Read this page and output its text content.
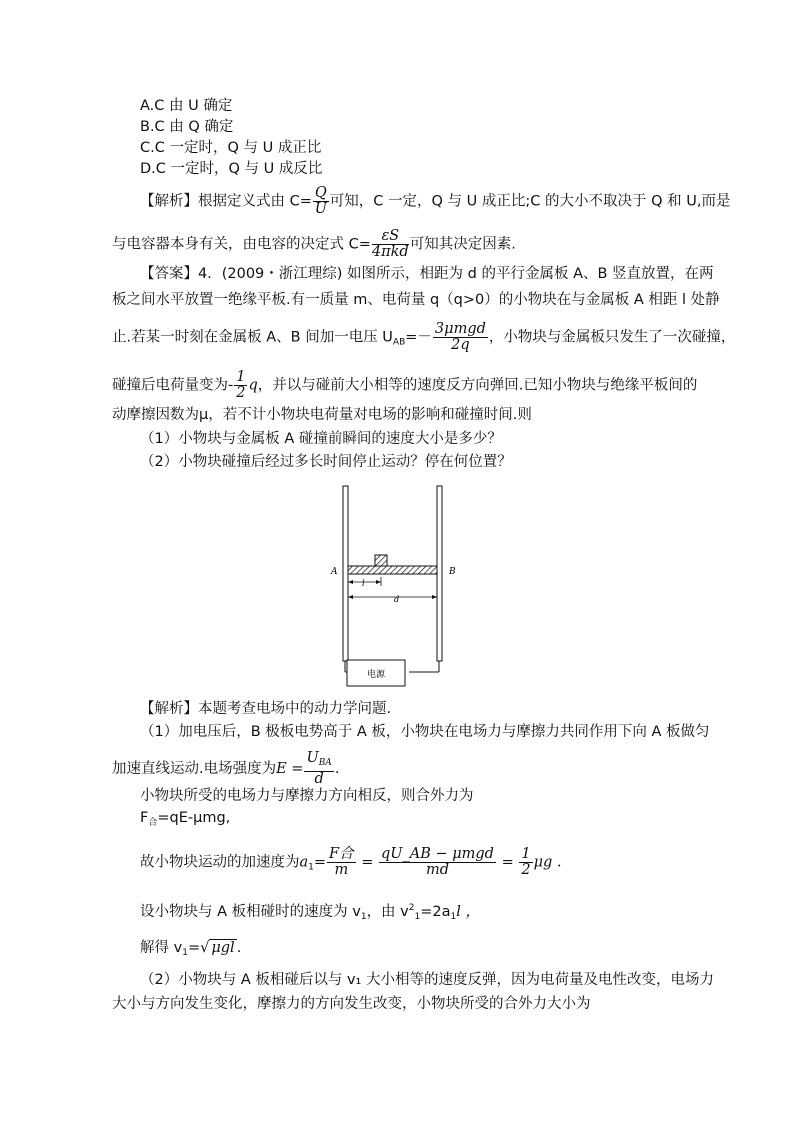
A.C 由 U 确定
B.C 由 Q 确定
C.C 一定时，Q 与 U 成正比
D.C 一定时，Q 与 U 成反比
【解析】根据定义式由 $C= \frac{Q}{U}$ 可知，C 一定，Q 与 U 成正比;C 的大小不取决于 Q 和 U,而是
与电容器本身有关，由电容的决定式 $C= \frac{\varepsilon S}{\text{4πkd}}$ 可知其决定因素.
【答案】4．(2009・浙江理综) 如图所示，相距为 d 的平行金属板 A、B 竖直放置，在两
板之间水平放置一绝缘平板.有一质量 m、电荷量 q（q>0）的小物块在与金属板 A 相距 l 处静
止.若某一时刻在金属板 A、B 间加一电压 $U_{AB}=- \frac{\text{3μmgd}}{2q}$ ，小物块与金属板只发生了一次碰撞，
碰撞后电荷量变为- $\frac{1}{2}$ q，并以与碰前大小相等的速度反方向弹回.已知小物块与绝缘平板间的
动摩擦因数为μ，若不计小物块电荷量对电场的影响和碰撞时间.则
（1）小物块与金属板 A 碰撞前瞬间的速度大小是多少？
（2）小物块碰撞后经过多长时间停止运动？停在何位置？
A	B
l
d
电源
【解析】本题考查电场中的动力学问题.
（1）加电压后，B 极板电势高于 A 板，小物块在电场力与摩擦力共同作用下向 A 板做匀
加速直线运动.电场强度为$E = \frac{U_{BA}}{d}$ .
小物块所受的电场力与摩擦力方向相反，则合外力为
$F_合=qE$-μmg,
故小物块运动的加速度为$a_1= \frac{\text{F合}}{m} = \frac{\text{qU\_AB − μmgd}}{md} = \frac{1}{2}$ μg .
设小物块与 A 板相碰时的速度为 $v_1$，由 $v^2_1=2a_1l$ ，
解得 $v_1=√$ μgl .
（2）小物块与 A 板相碰后以与 v₁ 大小相等的速度反弹，因为电荷量及电性改变，电场力
大小与方向发生变化，摩擦力的方向发生改变，小物块所受的合外力大小为
